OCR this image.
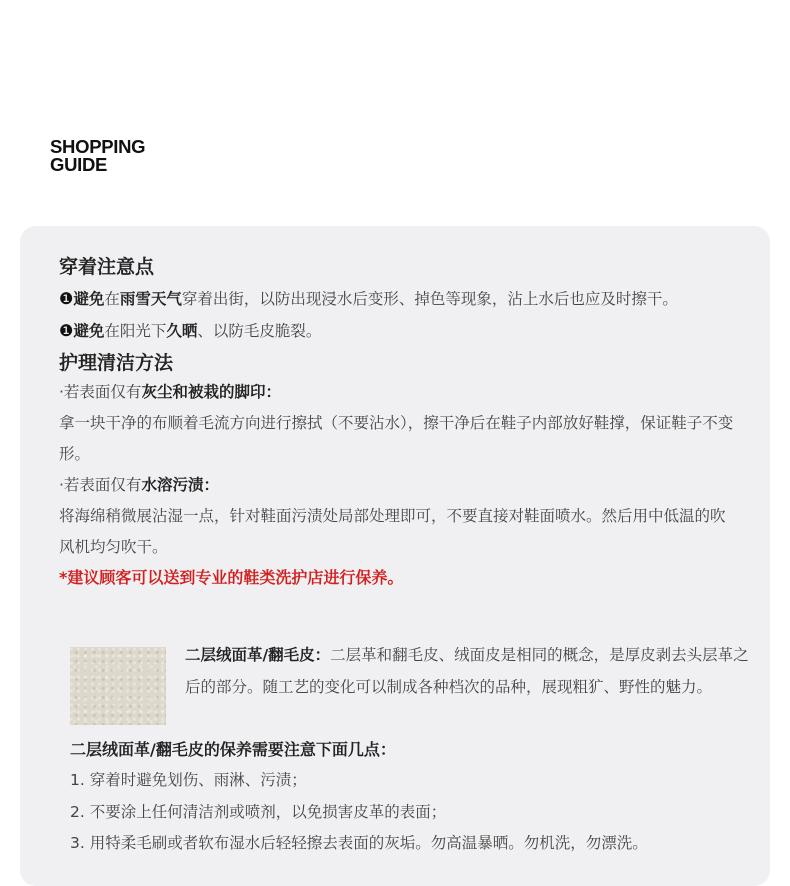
SHOPPING
GUIDE

穿着注意点

❶避免在雨雪天气穿着出街，以防出现浸水后变形、掉色等现象，沾上水后也应及时擦干。

❶避免在阳光下久晒、以防毛皮脆裂。

护理清洁方法

·若表面仅有灰尘和被栽的脚印：

拿一块干净的布顺着毛流方向进行擦拭（不要沾水），擦干净后在鞋子内部放好鞋撑，保证鞋子不变形。

·若表面仅有水溶污渍：

将海绵稍微展沾湿一点，针对鞋面污渍处局部处理即可，不要直接对鞋面喷水。然后用中低温的吹风机均匀吹干。

*建议顾客可以送到专业的鞋类洗护店进行保养。

二层绒面革/翻毛皮：二层革和翻毛皮、绒面皮是相同的概念，是厚皮剥去头层革之后的部分。随工艺的变化可以制成各种档次的品种，展现粗犷、野性的魅力。

二层绒面革/翻毛皮的保养需要注意下面几点：

1. 穿着时避免划伤、雨淋、污渍；

2. 不要涂上任何清洁剂或喷剂，以免损害皮革的表面；

3. 用特柔毛刷或者软布湿水后轻轻擦去表面的灰垢。勿高温暴晒。勿机洗，勿漂洗。
